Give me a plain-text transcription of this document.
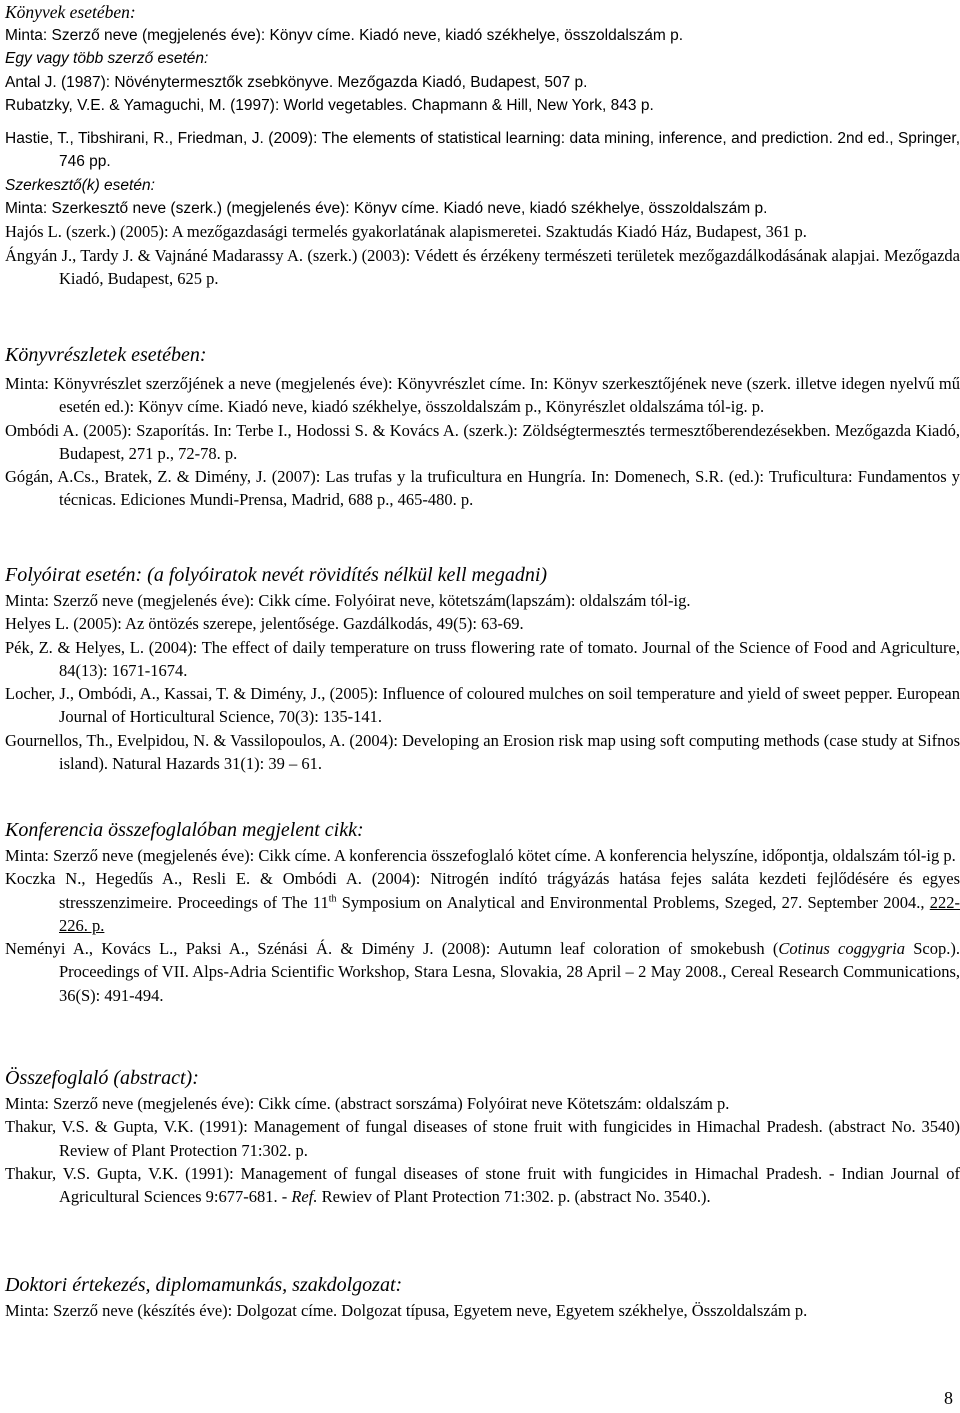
Könyvek esetében:
Minta: Szerző neve (megjelenés éve): Könyv címe. Kiadó neve, kiadó székhelye, összoldalszám p.
Egy vagy több szerző esetén:
Antal J. (1987): Növénytermesztők zsebkönyve. Mezőgazda Kiadó, Budapest, 507 p.
Rubatzky, V.E. & Yamaguchi, M. (1997): World vegetables. Chapmann & Hill, New York, 843 p.
Hastie, T., Tibshirani, R., Friedman, J. (2009): The elements of statistical learning: data mining, inference, and prediction. 2nd ed., Springer, 746 pp.
Szerkesztő(k) esetén:
Minta: Szerkesztő neve (szerk.) (megjelenés éve): Könyv címe. Kiadó neve, kiadó székhelye, összoldalszám p.
Hajós L. (szerk.) (2005): A mezőgazdasági termelés gyakorlatának alapismeretei. Szaktudás Kiadó Ház, Budapest, 361 p.
Ángyán J., Tardy J. & Vajnáné Madarassy A. (szerk.) (2003): Védett és érzékeny természeti területek mezőgazdálkodásának alapjai. Mezőgazda Kiadó, Budapest, 625 p.
Könyvrészletek esetében:
Minta: Könyvrészlet szerzőjének a neve (megjelenés éve): Könyvrészlet címe. In: Könyv szerkesztőjének neve (szerk. illetve idegen nyelvű mű esetén ed.): Könyv címe. Kiadó neve, kiadó székhelye, összoldalszám p., Könyrészlet oldalszáma tól-ig. p.
Ombódi A. (2005): Szaporítás. In: Terbe I., Hodossi S. & Kovács A. (szerk.): Zöldségtermesztés termesztőberendezésekben. Mezőgazda Kiadó, Budapest, 271 p., 72-78. p.
Gógán, A.Cs., Bratek, Z. & Dimény, J. (2007): Las trufas y la truficultura en Hungría. In: Domenech, S.R. (ed.): Truficultura: Fundamentos y técnicas. Ediciones Mundi-Prensa, Madrid, 688 p., 465-480. p.
Folyóirat esetén: (a folyóiratok nevét rövidítés nélkül kell megadni)
Minta: Szerző neve (megjelenés éve): Cikk címe. Folyóirat neve, kötetszám(lapszám): oldalszám tól-ig.
Helyes L. (2005): Az öntözés szerepe, jelentősége. Gazdálkodás, 49(5): 63-69.
Pék, Z. & Helyes, L. (2004): The effect of daily temperature on truss flowering rate of tomato. Journal of the Science of Food and Agriculture, 84(13): 1671-1674.
Locher, J., Ombódi, A., Kassai, T. & Dimény, J., (2005): Influence of coloured mulches on soil temperature and yield of sweet pepper. European Journal of Horticultural Science, 70(3): 135-141.
Gournellos, Th., Evelpidou, N. & Vassilopoulos, A. (2004): Developing an Erosion risk map using soft computing methods (case study at Sifnos island). Natural Hazards 31(1): 39 – 61.
Konferencia összefoglalóban megjelent cikk:
Minta: Szerző neve (megjelenés éve): Cikk címe. A konferencia összefoglaló kötet címe. A konferencia helyszíne, időpontja, oldalszám tól-ig p.
Koczka N., Hegedűs A., Resli E. & Ombódi A. (2004): Nitrogén indító trágyázás hatása fejes saláta kezdeti fejlődésére és egyes stresszenzimeire. Proceedings of The 11th Symposium on Analytical and Environmental Problems, Szeged, 27. September 2004., 222-226. p.
Neményi A., Kovács L., Paksi A., Szénási Á. & Dimény J. (2008): Autumn leaf coloration of smokebush (Cotinus coggygria Scop.). Proceedings of VII. Alps-Adria Scientific Workshop, Stara Lesna, Slovakia, 28 April – 2 May 2008., Cereal Research Communications, 36(S): 491-494.
Összefoglaló (abstract):
Minta: Szerző neve (megjelenés éve): Cikk címe. (abstract sorszáma) Folyóirat neve Kötetszám: oldalszám p.
Thakur, V.S. & Gupta, V.K. (1991): Management of fungal diseases of stone fruit with fungicides in Himachal Pradesh. (abstract No. 3540) Review of Plant Protection 71:302. p.
Thakur, V.S. Gupta, V.K. (1991): Management of fungal diseases of stone fruit with fungicides in Himachal Pradesh. - Indian Journal of Agricultural Sciences 9:677-681. - Ref. Rewiev of Plant Protection 71:302. p. (abstract No. 3540.).
Doktori értekezés, diplomamunkás, szakdolgozat:
Minta: Szerző neve (készítés éve): Dolgozat címe. Dolgozat típusa, Egyetem neve, Egyetem székhelye, Összoldalszám p.
8
